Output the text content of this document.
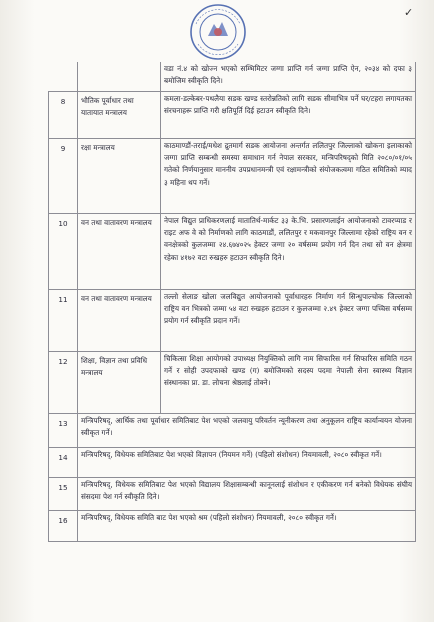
✓
		वडा नं.४ को खोज्न भएको सम्भिमिटर जग्गा प्राप्ति गर्न जग्गा प्राप्ति ऐन, २०३४ को दफा ३ बमोजिम स्वीकृति दिने।
8	भौतिक पूर्वाधार तथा यातायात मन्त्रालय	कमला-डल्केबर-पथलैया सडक खण्ड स्तरोन्नतिको लागि सडक सीमाभित्र पर्ने घर/टहरा लगायतका संरचनाहरू प्राप्ति गरी क्षतिपूर्ति दिई हटाउन स्वीकृति दिने।
9	रक्षा मन्त्रालय	काठमाण्डौं-तराई/मधेश द्रुतमार्ग सडक आयोजना अन्तर्गत ललितपुर जिल्लाको खोकना इलाकाको जग्गा प्राप्ति सम्बन्धी समस्या समाधान गर्न नेपाल सरकार, मन्त्रिपरिषद्को मिति २०८०/०१/०५ गतेको निर्णयानुसार माननीय उपप्रधानमन्त्री एवं रक्षामन्त्रीको संयोजकत्वमा गठित समितिको म्याद ३ महिना थप गर्ने।
10	वन तथा वातावरण मन्त्रालय	नेपाल विद्युत प्राधिकरणलाई मातातिर्थ-मार्कट ३३ के.भि. प्रसारणलाईन आयोजनाको टावरप्याड र राइट अफ वे को निर्माणको लागि काठमाडौं, ललितपुर र मकवानपुर जिल्लामा रहेको राष्ट्रिय वन र वनक्षेत्रको कुलजम्मा २४.६७४०२५ हेक्टर जग्गा २० वर्षसम्म प्रयोग गर्न दिन तथा सो वन क्षेत्रमा रहेका ४१७२ वटा रुखहरु हटाउन स्वीकृति दिने।
11	वन तथा वातावरण मन्त्रालय	तल्लो सेलाङ खोला जलविद्युत आयोजनाको पूर्वाधारहरु निर्माण गर्न सिन्धुपाल्चोक जिल्लाको राष्ट्रिय वन भित्रको जम्मा ५४ वटा रुखहरु हटाउन र कुलजम्मा २.४९ हेक्टर जग्गा पच्चिस वर्षसम्म प्रयोग गर्न स्वीकृति प्रदान गर्ने।
12	शिक्षा, विज्ञान तथा प्रविधि मन्त्रालय	चिकित्सा शिक्षा आयोगको उपाध्यक्ष नियुक्तिको लागि नाम सिफारिस गर्न सिफारिस समिति गठन गर्ने र सोही उपदफाको खण्ड (ग) बमोजिमको सदस्य पदमा नेपाली सेना स्वास्थ्य विज्ञान संस्थानका प्रा. डा. लोचना श्रेष्ठलाई तोक्ने।
13	मन्त्रिपरिषद्, आर्थिक तथा पूर्वाधार समितिबाट पेश भएको जलवायु परिवर्तन न्यूनीकरण तथा अनुकूलन राष्ट्रिय कार्यान्वयन योजना स्वीकृत गर्ने।	
14	मन्त्रिपरिषद्, विधेयक समितिबाट पेश भएको विज्ञापन (नियमन गर्ने) (पहिलो संशोधन) नियमावली, २०८० स्वीकृत गर्ने।	
15	मन्त्रिपरिषद्, विधेयक समितिबाट पेश भएको विद्यालय शिक्षासम्बन्धी कानूनलाई संशोधन र एकीकरण गर्न बनेको विधेयक संघीय संसदमा पेश गर्न स्वीकृति दिने।	
16	मन्त्रिपरिषद्, विधेयक समिति बाट पेश भएको श्रम (पहिलो संशोधन) नियमावली, २०८० स्वीकृत गर्ने।	
